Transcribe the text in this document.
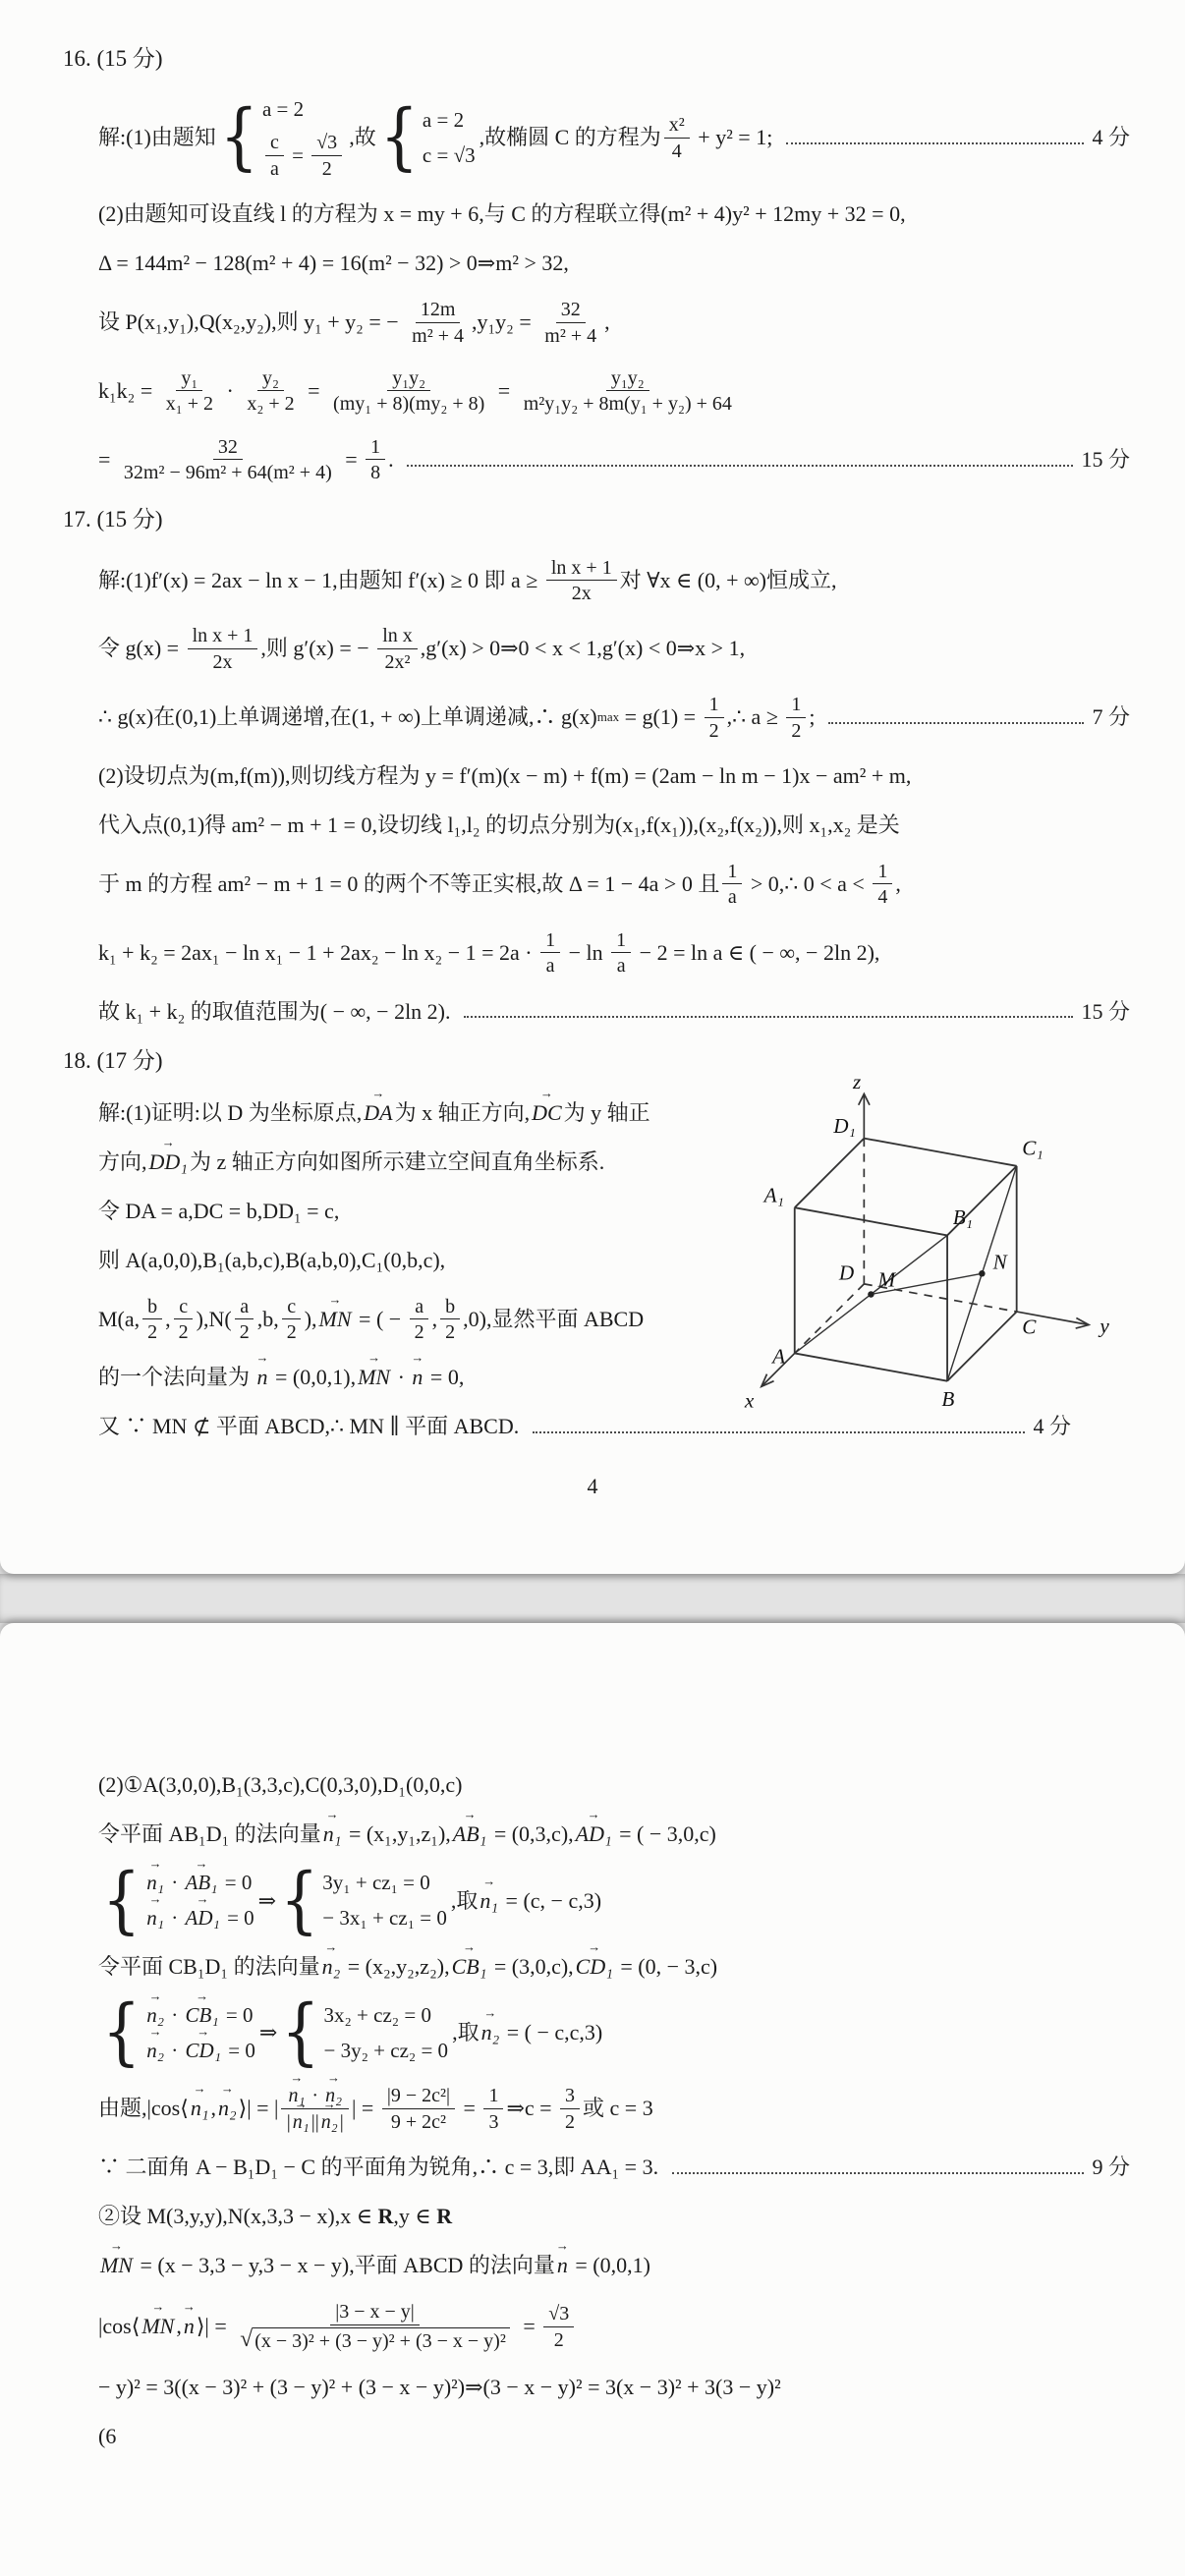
16. (15 分)
解:(1)由题知 { a = 2
$\frac{c}{a} = \frac{√3}{2}$ ,故 { a = 2
c = √3
,故椭圆 C 的方程为 $\frac{\text{x²}}{4} + y^2 = 1$;	4 分
(2)由题知可设直线 l 的方程为 x = my + 6,与 C 的方程联立得(m² + 4)y² + 12my + 32 = 0,
Δ = 144m² − 128(m² + 4) = 16(m² − 32) > 0⇒m² > 32,
设 P(x₁,y₁),Q(x₂,y₂),则 y₁ + y₂ = − $\frac{12m}{\text{m² + 4}} ,y_1y_2 = \frac{32}{\text{m² + 4}}$ ,
$k_1k_2 = \frac{\text{y₁}}{\text{x₁ + 2}} \cdot \frac{\text{y₂}}{\text{x₂ + 2}} = \frac{\text{y₁y₂}}{\text{(my₁ + 8)(my₂ + 8)}} = \frac{\text{y₁y₂}}{\text{m²y₁y₂ + 8m(y₁ + y₂) + 64}}$
= $\frac{32}{\text{32m² − 96m² + 64(m² + 4)}} = \frac{1}{8}$ .	15 分
17. (15 分)
解:(1)f′(x) = 2ax − ln x − 1,由题知 f′(x) ≥ 0 即 $a \ge \frac{\text{ln x + 1}}{2x}$ 对 ∀x ∈ (0, + ∞)恒成立,
令 $g(x) = \frac{\text{ln x + 1}}{2x}$ ,则 g′(x) = − $\frac{\text{ln x}}{\text{2x²}} ,g'(x)$ > 0⇒0 < x < 1,g′(x) < 0⇒x > 1,
∴ g(x)在(0,1)上单调递增,在(1, + ∞)上单调递减,∴ g(x) $\max = g(1) = \frac{1}{2}$ ,∴ $a \ge \frac{1}{2}$ ;	7 分
(2)设切点为(m,f(m)),则切线方程为 y = f′(m)(x − m) + f(m) = (2am − ln m − 1)x − am² + m,
代入点(0,1)得 am² − m + 1 = 0,设切线 l₁,l₂ 的切点分别为(x₁,f(x₁)),(x₂,f(x₂)),则 x₁,x₂ 是关
于 m 的方程 am² − m + 1 = 0 的两个不等正实根,故 Δ = 1 − 4a > 0 且 $\frac{1}{a}$ > 0,∴ $0 < a < \frac{1}{4}$ ,
$k_1 + k_2 = 2ax_1 - \ln x_1 - 1 + 2ax_2 - \ln x_2 - 1 = 2a \cdot \frac{1}{a} - \ln \frac{1}{a} - 2 = \ln a$ ∈ ( − ∞, − 2ln 2),
故 k₁ + k₂ 的取值范围为( − ∞, − 2ln 2).	15 分
18. (17 分)
解:(1)证明:以 D 为坐标原点, → DA 为 x 轴正方向, → DC 为 y 轴正
方向, → DD₁ 为 z 轴正方向如图所示建立空间直角坐标系.
令 DA = a,DC = b,DD₁ = c,
则 A(a,0,0),B₁(a,b,c),B(a,b,0),C₁(0,b,c),
M(a, $\frac{b}{2}$ , $\frac{c}{2} ),N( \frac{a}{2} ,b$, $\frac{c}{2}$ ), → MN = ( − $\frac{a}{2}$ , $\frac{b}{2} ,0$),显然平面 ABCD
的一个法向量为 → n = (0,0,1), → MN · → n = 0,
又 ∵ MN ⊄ 平面 ABCD,∴ MN ∥ 平面 ABCD.	4 分
z
y
x
D₁
C₁
A₁
B₁
M
N
D
C
A
B
4
(2)①A(3,0,0),B₁(3,3,c),C(0,3,0),D₁(0,0,c)
令平面 AB₁D₁ 的法向量 → n₁ = (x₁,y₁,z₁), → AB₁ = (0,3,c), → AD₁ = ( − 3,0,c)
{ → n₁ · → AB₁ = 0
→ n₁ · → AD₁ = 0
⇒ { 3y₁ + cz₁ = 0
− 3x₁ + cz₁ = 0
,取 → n₁ = (c, − c,3)
令平面 CB₁D₁ 的法向量 → n₂ = (x₂,y₂,z₂), → CB₁ = (3,0,c), → CD₁ = (0, − 3,c)
{ → n₂ · → CB₁ = 0
→ n₂ · → CD₁ = 0
⇒ { 3x₂ + cz₂ = 0
− 3y₂ + cz₂ = 0
,取 → n₂ = ( − c,c,3)
由题,|cos⟨ → n₁ , → n₂ ⟩| = | → $\frac{\text{n₁ · → n₂}}{\text{| → n₁ || → n₂ |}}$ | = $\frac{\text{|9 − 2c²|}}{\text{9 + 2c²}} = \frac{1}{3}$ ⇒c = $\frac{3}{2}$ 或 c = 3
∵ 二面角 A − B₁D₁ − C 的平面角为锐角,∴ c = 3,即 AA₁ = 3.	9 分
②设 M(3,y,y),N(x,3,3 − x),x ∈ R ,y ∈ R
→ MN = (x − 3,3 − y,3 − x − y),平面 ABCD 的法向量 → n = (0,0,1)
|cos⟨ → MN , → n ⟩| = $\frac{|3 - x - y|}{\text{√ (x − 3)² + (3 − y)² + (3 − x − y)²}} = \frac{√3}{2}$
− y)² = 3((x − 3)² + (3 − y)² + (3 − x − y)²)⇒(3 − x − y)² = 3(x − 3)² + 3(3 − y)²
(6
